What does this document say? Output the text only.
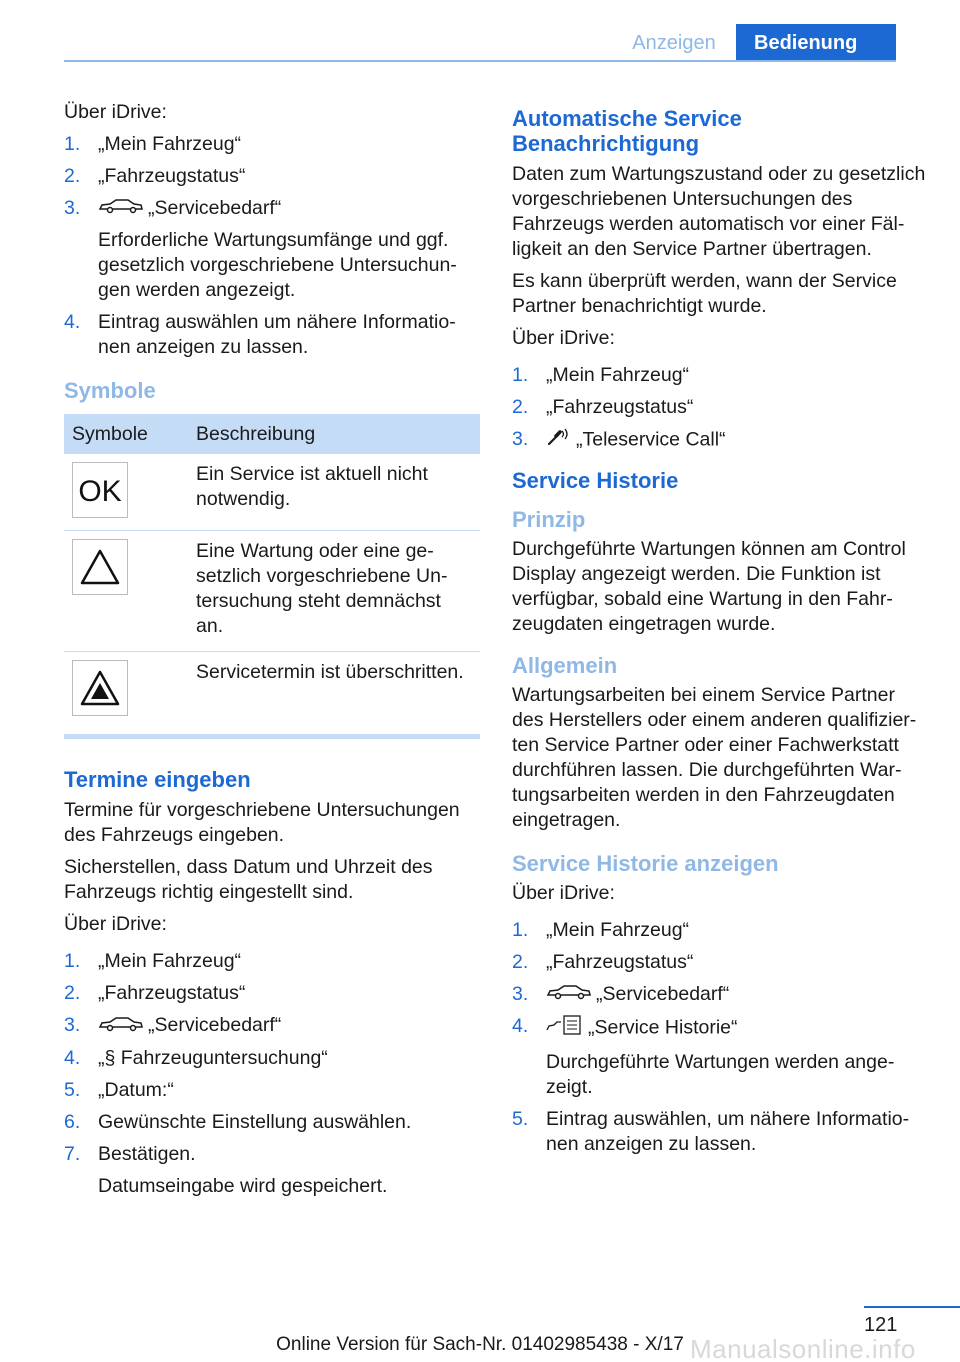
Anzeigen	Bedienung

Über iDrive:

1. „Mein Fahrzeug“
2. „Fahrzeugstatus“
3.	„Servicebedarf“
Erforderliche Wartungsumfänge und ggf. gesetzlich vorgeschriebene Untersuchungen werden angezeigt.
4. Eintrag auswählen um nähere Informationen anzeigen zu lassen.
Symbole
Symbole	Beschreibung

OK	Ein Service ist aktuell nicht notwendig.

	Eine Wartung oder eine gesetzlich vorgeschriebene Untersuchung steht demnächst an.

	Servicetermin ist überschritten.
Termine eingeben

Termine für vorgeschriebene Untersuchungen des Fahrzeugs eingeben.

Sicherstellen, dass Datum und Uhrzeit des Fahrzeugs richtig eingestellt sind.

Über iDrive:

1. „Mein Fahrzeug“
2. „Fahrzeugstatus“
3.	„Servicebedarf“
4. „§ Fahrzeuguntersuchung“
5. „Datum:“
6. Gewünschte Einstellung auswählen.
7. Bestätigen.
Datumseingabe wird gespeichert.
Automatische Service Benachrichtigung

Daten zum Wartungszustand oder zu gesetzlich vorgeschriebenen Untersuchungen des Fahrzeugs werden automatisch vor einer Fälligkeit an den Service Partner übertragen.

Es kann überprüft werden, wann der Service Partner benachrichtigt wurde.

Über iDrive:

1. „Mein Fahrzeug“
2. „Fahrzeugstatus“
3. „Teleservice Call“
Service Historie
Prinzip

Durchgeführte Wartungen können am Control Display angezeigt werden. Die Funktion ist verfügbar, sobald eine Wartung in den Fahrzeugdaten eingetragen wurde.

Allgemein

Wartungsarbeiten bei einem Service Partner des Herstellers oder einem anderen qualifizierten Service Partner oder einer Fachwerkstatt durchführen lassen. Die durchgeführten Wartungsarbeiten werden in den Fahrzeugdaten eingetragen.

Service Historie anzeigen

Über iDrive:

1. „Mein Fahrzeug“
2. „Fahrzeugstatus“
3.	„Servicebedarf“
4.	„Service Historie“
Durchgeführte Wartungen werden angezeigt.
5. Eintrag auswählen, um nähere Informationen anzeigen zu lassen.
121
Manualsonline.info
Online Version für Sach-Nr. 01402985438 - X/17
